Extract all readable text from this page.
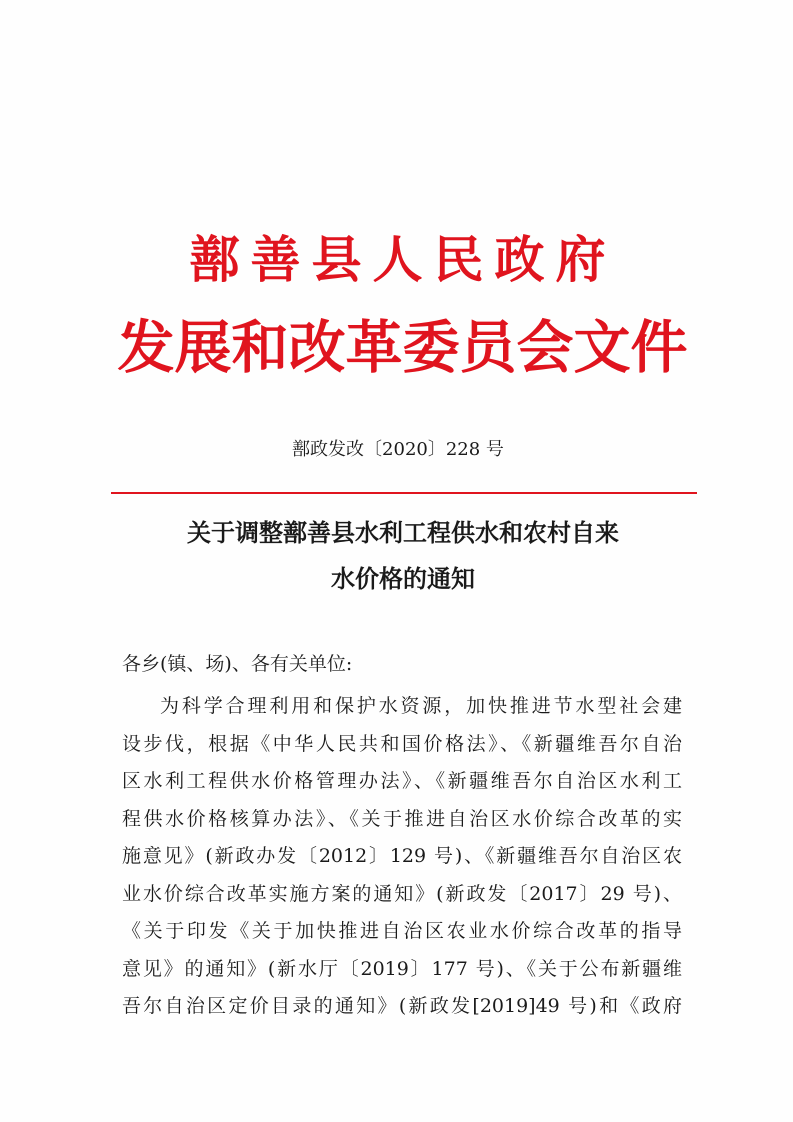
鄯善县人民政府
发展和改革委员会文件
鄯政发改〔2020〕228 号
关于调整鄯善县水利工程供水和农村自来
水价格的通知
各乡(镇、场)、各有关单位:
为科学合理利用和保护水资源，加快推进节水型社会建
设步伐，根据《中华人民共和国价格法》、《新疆维吾尔自治
区水利工程供水价格管理办法》、《新疆维吾尔自治区水利工
程供水价格核算办法》、《关于推进自治区水价综合改革的实
施意见》(新政办发〔2012〕129 号)、《新疆维吾尔自治区农
业水价综合改革实施方案的通知》(新政发〔2017〕29 号)、
《关于印发《关于加快推进自治区农业水价综合改革的指导
意见》的通知》(新水厅〔2019〕177 号)、《关于公布新疆维
吾尔自治区定价目录的通知》(新政发[2019]49 号)和《政府
